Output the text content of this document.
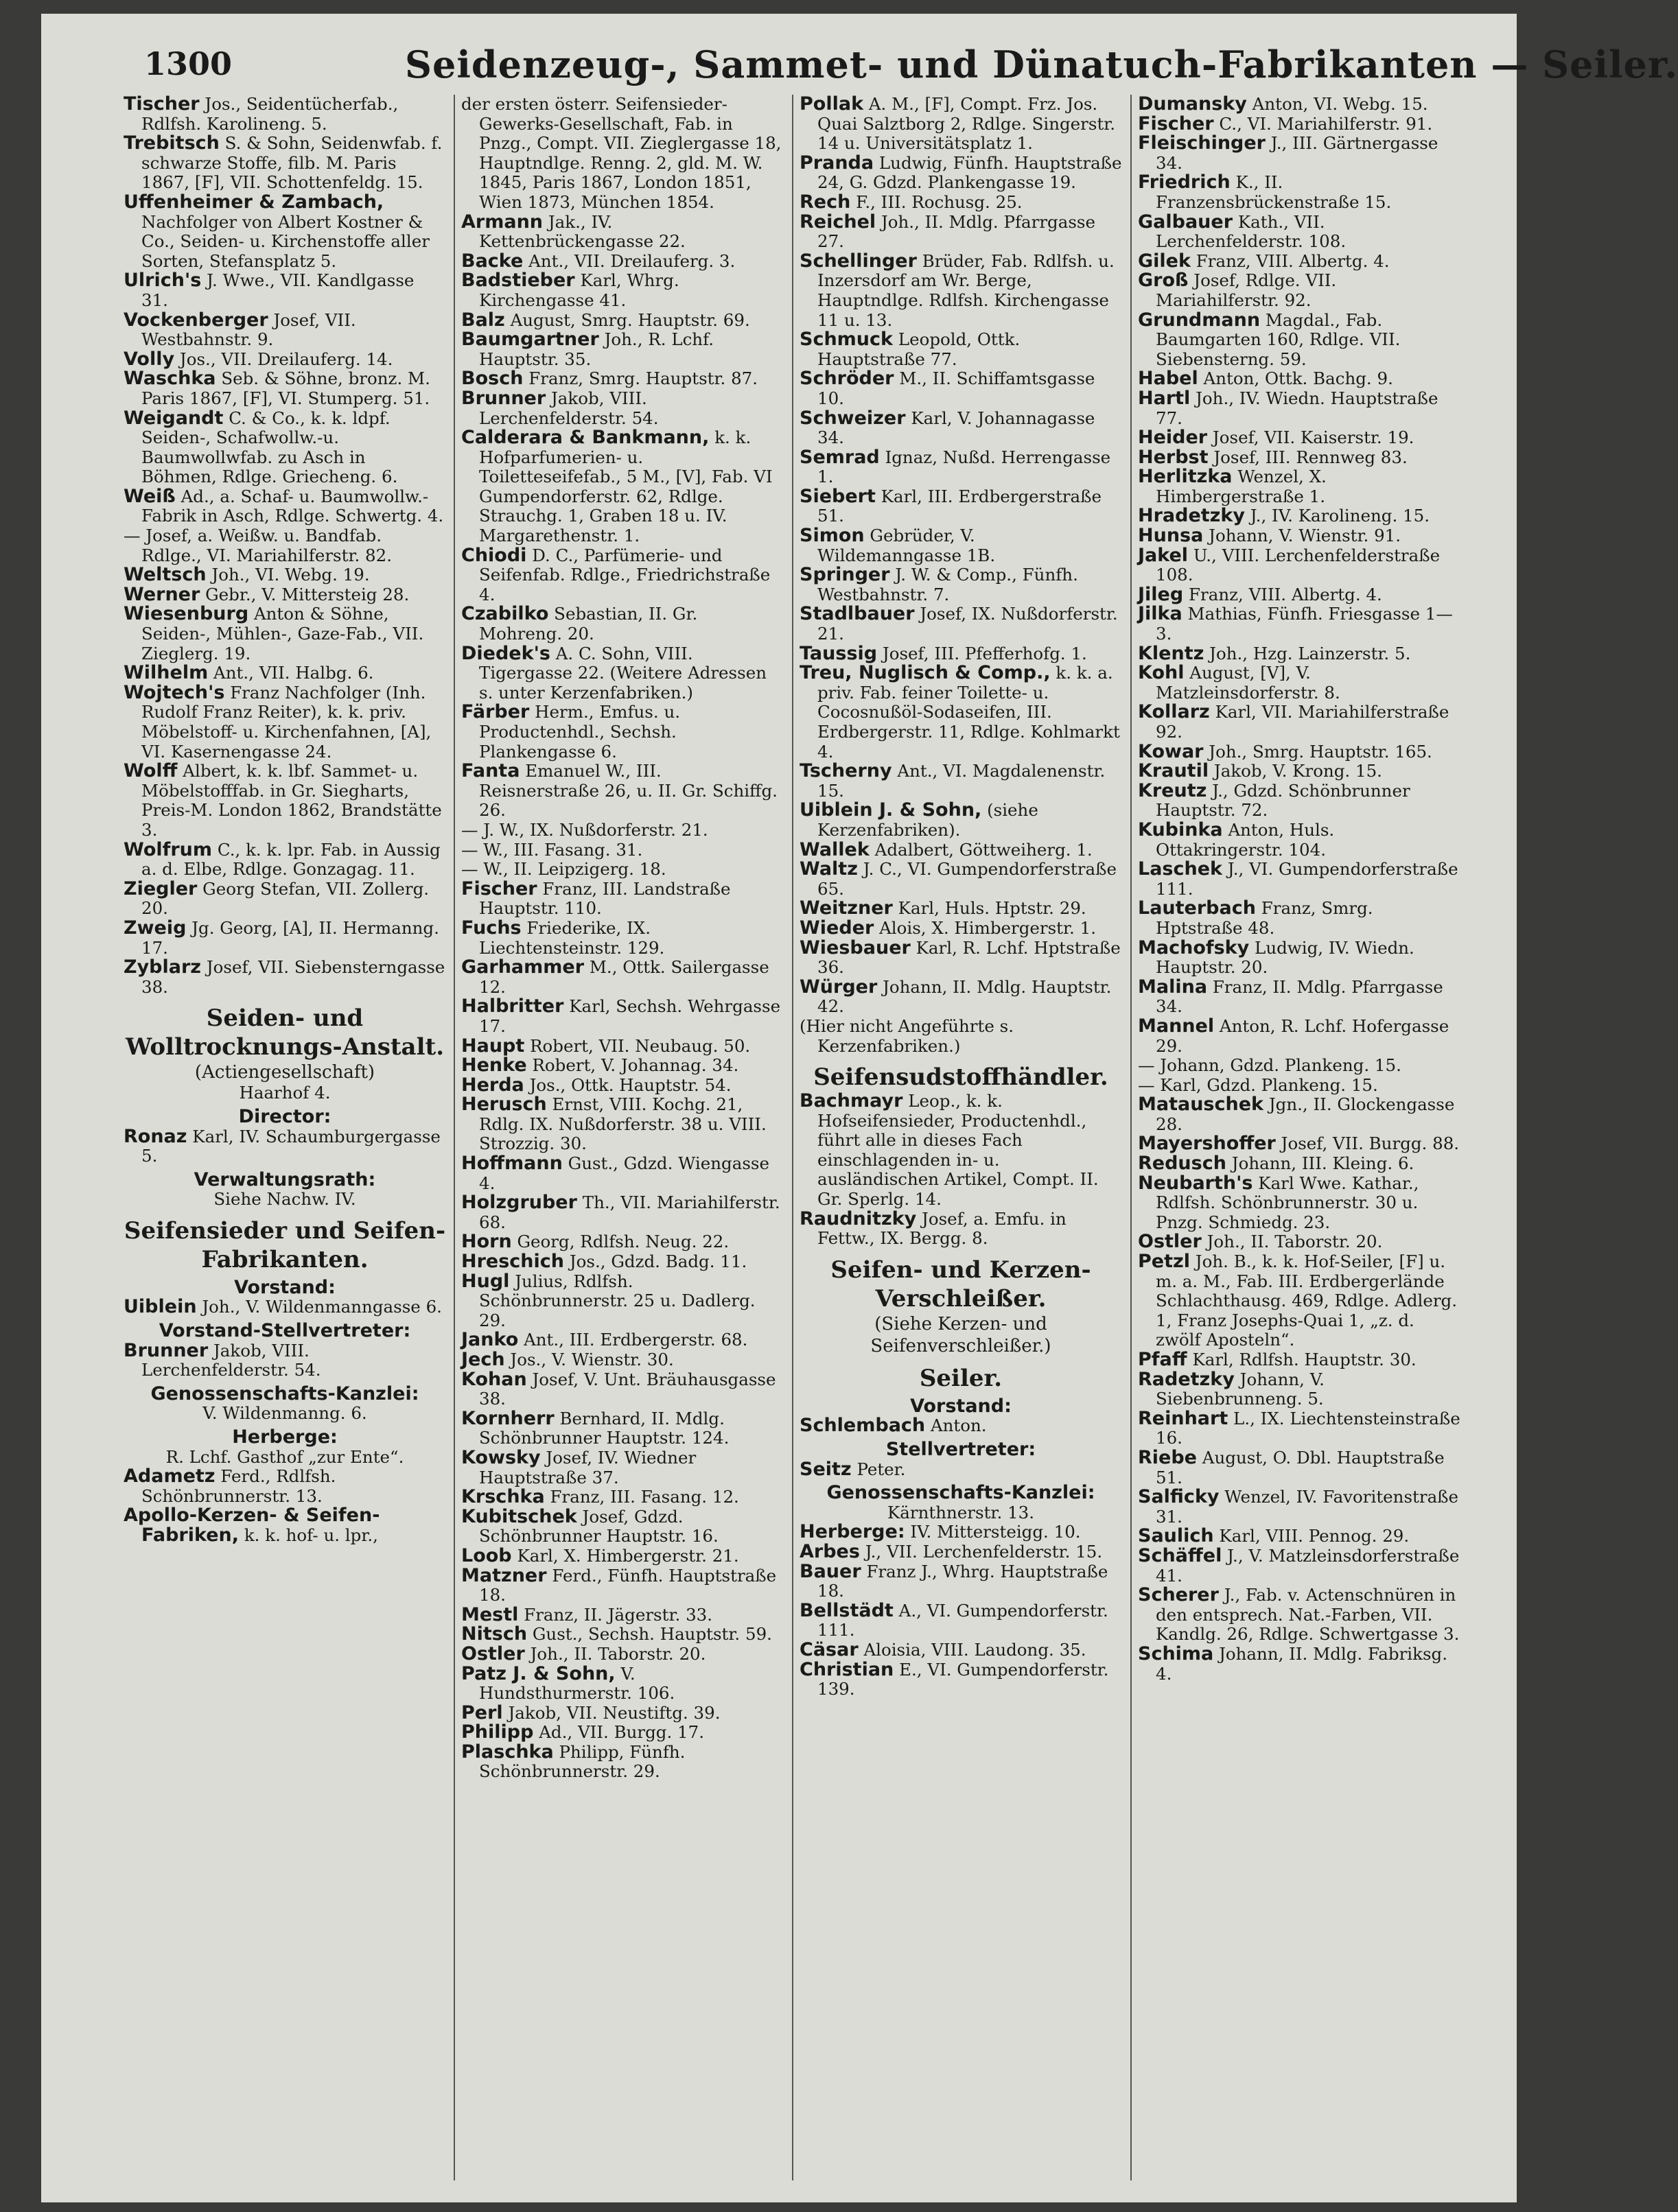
1300	Seidenzeug-, Sammet- und Dünatuch-Fabrikanten — Seiler.
Tischer Jos., Seidentücherfab., Rdlfsh. Karolineng. 5.
Trebitsch S. & Sohn, Seidenwfab. f. schwarze Stoffe, filb. M. Paris 1867, [F], VII. Schottenfeldg. 15.
Uffenheimer & Zambach, Nachfolger von Albert Kostner & Co., Seiden- u. Kirchenstoffe aller Sorten, Stefansplatz 5.
Ulrich's J. Wwe., VII. Kandlgasse 31.
Vockenberger Josef, VII. Westbahnstr. 9.
Volly Jos., VII. Dreilauferg. 14.
Waschka Seb. & Söhne, bronz. M. Paris 1867, [F], VI. Stumperg. 51.
Weigandt C. & Co., k. k. ldpf. Seiden-, Schafwollw.-u. Baumwollwfab. zu Asch in Böhmen, Rdlge. Griecheng. 6.
Weiß Ad., a. Schaf- u. Baumwollw.-Fabrik in Asch, Rdlge. Schwertg. 4.
— Josef, a. Weißw. u. Bandfab. Rdlge., VI. Mariahilferstr. 82.
Weltsch Joh., VI. Webg. 19.
Werner Gebr., V. Mittersteig 28.
Wiesenburg Anton & Söhne, Seiden-, Mühlen-, Gaze-Fab., VII. Zieglerg. 19.
Wilhelm Ant., VII. Halbg. 6.
Wojtech's Franz Nachfolger (Inh. Rudolf Franz Reiter), k. k. priv. Möbelstoff- u. Kirchenfahnen, [A], VI. Kasernengasse 24.
Wolff Albert, k. k. lbf. Sammet- u. Möbelstofffab. in Gr. Siegharts, Preis-M. London 1862, Brandstätte 3.
Wolfrum C., k. k. lpr. Fab. in Aussig a. d. Elbe, Rdlge. Gonzagag. 11.
Ziegler Georg Stefan, VII. Zollerg. 20.
Zweig Jg. Georg, [A], II. Hermanng. 17.
Zyblarz Josef, VII. Siebensterngasse 38.
Seiden- und Wolltrocknungs-Anstalt.
(Actiengesellschaft)
Haarhof 4.
Director:
Ronaz Karl, IV. Schaumburgergasse 5.
Verwaltungsrath:
Siehe Nachw. IV.
Seifensieder und Seifen-Fabrikanten.
Vorstand:
Uiblein Joh., V. Wildenmanngasse 6.
Vorstand-Stellvertreter:
Brunner Jakob, VIII. Lerchenfelderstr. 54.
Genossenschafts-Kanzlei:
V. Wildenmanng. 6.
Herberge:
R. Lchf. Gasthof „zur Ente“.
Adametz Ferd., Rdlfsh. Schönbrunnerstr. 13.
Apollo-Kerzen- & Seifen-Fabriken, k. k. hof- u. lpr.,
der ersten österr. Seifensieder-Gewerks-Gesellschaft, Fab. in Pnzg., Compt. VII. Zieglergasse 18, Hauptndlge. Renng. 2, gld. M. W. 1845, Paris 1867, London 1851, Wien 1873, München 1854.
Armann Jak., IV. Kettenbrückengasse 22.
Backe Ant., VII. Dreilauferg. 3.
Badstieber Karl, Whrg. Kirchengasse 41.
Balz August, Smrg. Hauptstr. 69.
Baumgartner Joh., R. Lchf. Hauptstr. 35.
Bosch Franz, Smrg. Hauptstr. 87.
Brunner Jakob, VIII. Lerchenfelderstr. 54.
Calderara & Bankmann, k. k. Hofparfumerien- u. Toiletteseifefab., 5 M., [V], Fab. VI Gumpendorferstr. 62, Rdlge. Strauchg. 1, Graben 18 u. IV. Margarethenstr. 1.
Chiodi D. C., Parfümerie- und Seifenfab. Rdlge., Friedrichstraße 4.
Czabilko Sebastian, II. Gr. Mohreng. 20.
Diedek's A. C. Sohn, VIII. Tigergasse 22. (Weitere Adressen s. unter Kerzenfabriken.)
Färber Herm., Emfus. u. Productenhdl., Sechsh. Plankengasse 6.
Fanta Emanuel W., III. Reisnerstraße 26, u. II. Gr. Schiffg. 26.
— J. W., IX. Nußdorferstr. 21.
— W., III. Fasang. 31.
— W., II. Leipzigerg. 18.
Fischer Franz, III. Landstraße Hauptstr. 110.
Fuchs Friederike, IX. Liechtensteinstr. 129.
Garhammer M., Ottk. Sailergasse 12.
Halbritter Karl, Sechsh. Wehrgasse 17.
Haupt Robert, VII. Neubaug. 50.
Henke Robert, V. Johannag. 34.
Herda Jos., Ottk. Hauptstr. 54.
Herusch Ernst, VIII. Kochg. 21, Rdlg. IX. Nußdorferstr. 38 u. VIII. Strozzig. 30.
Hoffmann Gust., Gdzd. Wiengasse 4.
Holzgruber Th., VII. Mariahilferstr. 68.
Horn Georg, Rdlfsh. Neug. 22.
Hreschich Jos., Gdzd. Badg. 11.
Hugl Julius, Rdlfsh. Schönbrunnerstr. 25 u. Dadlerg. 29.
Janko Ant., III. Erdbergerstr. 68.
Jech Jos., V. Wienstr. 30.
Kohan Josef, V. Unt. Bräuhausgasse 38.
Kornherr Bernhard, II. Mdlg. Schönbrunner Hauptstr. 124.
Kowsky Josef, IV. Wiedner Hauptstraße 37.
Krschka Franz, III. Fasang. 12.
Kubitschek Josef, Gdzd. Schönbrunner Hauptstr. 16.
Loob Karl, X. Himbergerstr. 21.
Matzner Ferd., Fünfh. Hauptstraße 18.
Mestl Franz, II. Jägerstr. 33.
Nitsch Gust., Sechsh. Hauptstr. 59.
Ostler Joh., II. Taborstr. 20.
Patz J. & Sohn, V. Hundsthurmerstr. 106.
Perl Jakob, VII. Neustiftg. 39.
Philipp Ad., VII. Burgg. 17.
Plaschka Philipp, Fünfh. Schönbrunnerstr. 29.
Pollak A. M., [F], Compt. Frz. Jos. Quai Salztborg 2, Rdlge. Singerstr. 14 u. Universitätsplatz 1.
Pranda Ludwig, Fünfh. Hauptstraße 24, G. Gdzd. Plankengasse 19.
Rech F., III. Rochusg. 25.
Reichel Joh., II. Mdlg. Pfarrgasse 27.
Schellinger Brüder, Fab. Rdlfsh. u. Inzersdorf am Wr. Berge, Hauptndlge. Rdlfsh. Kirchengasse 11 u. 13.
Schmuck Leopold, Ottk. Hauptstraße 77.
Schröder M., II. Schiffamtsgasse 10.
Schweizer Karl, V. Johannagasse 34.
Semrad Ignaz, Nußd. Herrengasse 1.
Siebert Karl, III. Erdbergerstraße 51.
Simon Gebrüder, V. Wildemanngasse 1B.
Springer J. W. & Comp., Fünfh. Westbahnstr. 7.
Stadlbauer Josef, IX. Nußdorferstr. 21.
Taussig Josef, III. Pfefferhofg. 1.
Treu, Nuglisch & Comp., k. k. a. priv. Fab. feiner Toilette- u. Cocosnußöl-Sodaseifen, III. Erdbergerstr. 11, Rdlge. Kohlmarkt 4.
Tscherny Ant., VI. Magdalenenstr. 15.
Uiblein J. & Sohn, (siehe Kerzenfabriken).
Wallek Adalbert, Göttweiherg. 1.
Waltz J. C., VI. Gumpendorferstraße 65.
Weitzner Karl, Huls. Hptstr. 29.
Wieder Alois, X. Himbergerstr. 1.
Wiesbauer Karl, R. Lchf. Hptstraße 36.
Würger Johann, II. Mdlg. Hauptstr. 42.
(Hier nicht Angeführte s. Kerzenfabriken.)
Seifensudstoffhändler.
Bachmayr Leop., k. k. Hofseifensieder, Productenhdl., führt alle in dieses Fach einschlagenden in- u. ausländischen Artikel, Compt. II. Gr. Sperlg. 14.
Raudnitzky Josef, a. Emfu. in Fettw., IX. Bergg. 8.
Seifen- und Kerzen-Verschleißer.
(Siehe Kerzen- und Seifenverschleißer.)
Seiler.
Vorstand:
Schlembach Anton.
Stellvertreter:
Seitz Peter.
Genossenschafts-Kanzlei:
Kärnthnerstr. 13.
Herberge: IV. Mittersteigg. 10.
Arbes J., VII. Lerchenfelderstr. 15.
Bauer Franz J., Whrg. Hauptstraße 18.
Bellstädt A., VI. Gumpendorferstr. 111.
Cäsar Aloisia, VIII. Laudong. 35.
Christian E., VI. Gumpendorferstr. 139.
Dumansky Anton, VI. Webg. 15.
Fischer C., VI. Mariahilferstr. 91.
Fleischinger J., III. Gärtnergasse 34.
Friedrich K., II. Franzensbrückenstraße 15.
Galbauer Kath., VII. Lerchenfelderstr. 108.
Gilek Franz, VIII. Albertg. 4.
Groß Josef, Rdlge. VII. Mariahilferstr. 92.
Grundmann Magdal., Fab. Baumgarten 160, Rdlge. VII. Siebensterng. 59.
Habel Anton, Ottk. Bachg. 9.
Hartl Joh., IV. Wiedn. Hauptstraße 77.
Heider Josef, VII. Kaiserstr. 19.
Herbst Josef, III. Rennweg 83.
Herlitzka Wenzel, X. Himbergerstraße 1.
Hradetzky J., IV. Karolineng. 15.
Hunsa Johann, V. Wienstr. 91.
Jakel U., VIII. Lerchenfelderstraße 108.
Jileg Franz, VIII. Albertg. 4.
Jilka Mathias, Fünfh. Friesgasse 1—3.
Klentz Joh., Hzg. Lainzerstr. 5.
Kohl August, [V], V. Matzleinsdorferstr. 8.
Kollarz Karl, VII. Mariahilferstraße 92.
Kowar Joh., Smrg. Hauptstr. 165.
Krautil Jakob, V. Krong. 15.
Kreutz J., Gdzd. Schönbrunner Hauptstr. 72.
Kubinka Anton, Huls. Ottakringerstr. 104.
Laschek J., VI. Gumpendorferstraße 111.
Lauterbach Franz, Smrg. Hptstraße 48.
Machofsky Ludwig, IV. Wiedn. Hauptstr. 20.
Malina Franz, II. Mdlg. Pfarrgasse 34.
Mannel Anton, R. Lchf. Hofergasse 29.
— Johann, Gdzd. Plankeng. 15.
— Karl, Gdzd. Plankeng. 15.
Matauschek Jgn., II. Glockengasse 28.
Mayershoffer Josef, VII. Burgg. 88.
Redusch Johann, III. Kleing. 6.
Neubarth's Karl Wwe. Kathar., Rdlfsh. Schönbrunnerstr. 30 u. Pnzg. Schmiedg. 23.
Ostler Joh., II. Taborstr. 20.
Petzl Joh. B., k. k. Hof-Seiler, [F] u. m. a. M., Fab. III. Erdbergerlände Schlachthausg. 469, Rdlge. Adlerg. 1, Franz Josephs-Quai 1, „z. d. zwölf Aposteln“.
Pfaff Karl, Rdlfsh. Hauptstr. 30.
Radetzky Johann, V. Siebenbrunneng. 5.
Reinhart L., IX. Liechtensteinstraße 16.
Riebe August, O. Dbl. Hauptstraße 51.
Salficky Wenzel, IV. Favoritenstraße 31.
Saulich Karl, VIII. Pennog. 29.
Schäffel J., V. Matzleinsdorferstraße 41.
Scherer J., Fab. v. Actenschnüren in den entsprech. Nat.-Farben, VII. Kandlg. 26, Rdlge. Schwertgasse 3.
Schima Johann, II. Mdlg. Fabriksg. 4.
